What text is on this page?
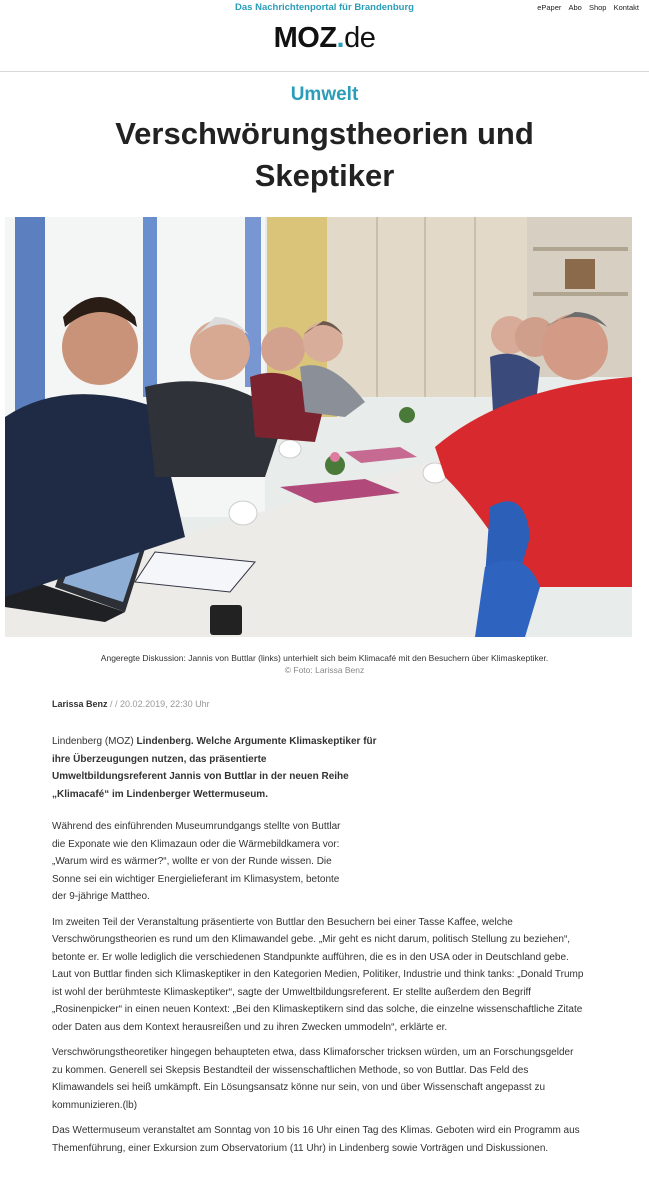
Das Nachrichtenportal für Brandenburg	ePaper Abo Shop Kontakt
MOZ.de
Umwelt
Verschwörungstheorien und Skeptiker
Angeregte Diskussion: Jannis von Buttlar (links) unterhielt sich beim Klimacafé mit den Besuchern über Klimaskeptiker.
© Foto: Larissa Benz
Larissa Benz / / 20.02.2019, 22:30 Uhr

Lindenberg (MOZ) Lindenberg. Welche Argumente Klimaskeptiker für ihre Überzeugungen nutzen, das präsentierte Umweltbildungsreferent Jannis von Buttlar in der neuen Reihe „Klimacafé“ im Lindenberger Wettermuseum.

Während des einführenden Museumrundgangs stellte von Buttlar die Exponate wie den Klimazaun oder die Wärmebildkamera vor: „Warum wird es wärmer?“, wollte er von der Runde wissen. Die Sonne sei ein wichtiger Energielieferant im Klimasystem, betonte der 9-jährige Mattheo.

Im zweiten Teil der Veranstaltung präsentierte von Buttlar den Besuchern bei einer Tasse Kaffee, welche Verschwörungstheorien es rund um den Klimawandel gebe. „Mir geht es nicht darum, politisch Stellung zu beziehen“, betonte er. Er wolle lediglich die verschiedenen Standpunkte aufführen, die es in den USA oder in Deutschland gebe. Laut von Buttlar finden sich Klimaskeptiker in den Kategorien Medien, Politiker, Industrie und think tanks: „Donald Trump ist wohl der berühmteste Klimaskeptiker“, sagte der Umweltbildungsreferent. Er stellte außerdem den Begriff „Rosinenpicker“ in einen neuen Kontext: „Bei den Klimaskeptikern sind das solche, die einzelne wissenschaftliche Zitate oder Daten aus dem Kontext herausreißen und zu ihren Zwecken ummodeln“, erklärte er.

Verschwörungstheoretiker hingegen behaupteten etwa, dass Klimaforscher tricksen würden, um an Forschungsgelder zu kommen. Generell sei Skepsis Bestandteil der wissenschaftlichen Methode, so von Buttlar. Das Feld des Klimawandels sei heiß umkämpft. Ein Lösungsansatz könne nur sein, von und über Wissenschaft angepasst zu kommunizieren.(lb)

Das Wettermuseum veranstaltet am Sonntag von 10 bis 16 Uhr einen Tag des Klimas. Geboten wird ein Programm aus Themenführung, einer Exkursion zum Observatorium (11 Uhr) in Lindenberg sowie Vorträgen und Diskussionen.
